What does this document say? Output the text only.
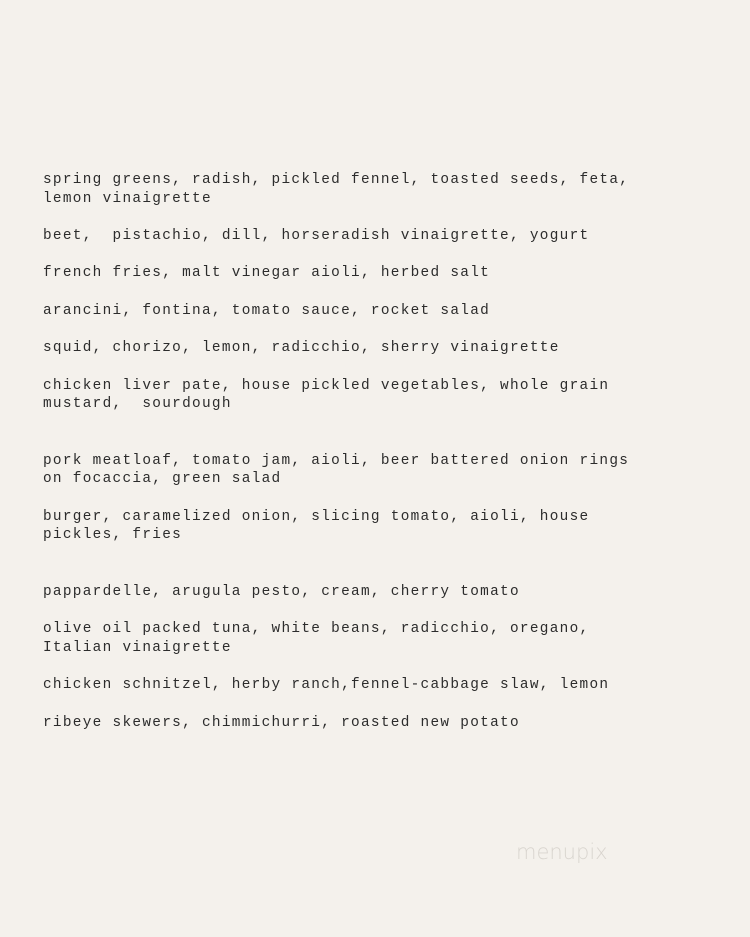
spring greens, radish, pickled fennel, toasted seeds, feta,
lemon vinaigrette

beet,  pistachio, dill, horseradish vinaigrette, yogurt

french fries, malt vinegar aioli, herbed salt

arancini, fontina, tomato sauce, rocket salad

squid, chorizo, lemon, radicchio, sherry vinaigrette

chicken liver pate, house pickled vegetables, whole grain
mustard,  sourdough

pork meatloaf, tomato jam, aioli, beer battered onion rings
on focaccia, green salad

burger, caramelized onion, slicing tomato, aioli, house
pickles, fries

pappardelle, arugula pesto, cream, cherry tomato

olive oil packed tuna, white beans, radicchio, oregano,
Italian vinaigrette

chicken schnitzel, herby ranch,fennel-cabbage slaw, lemon

ribeye skewers, chimmichurri, roasted new potato

menupix
